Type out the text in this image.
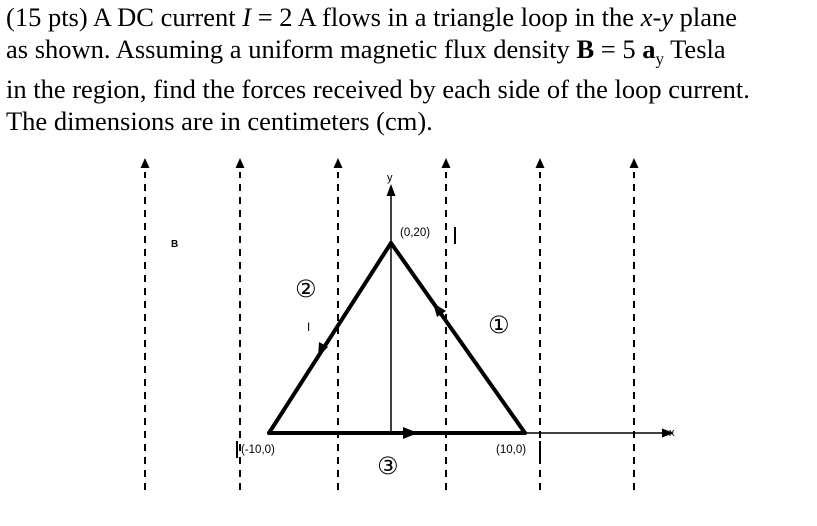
(15 pts) A DC current I = 2 A flows in a triangle loop in the x-y plane

as shown. Assuming a uniform magnetic flux density B = 5 $a_y$ Tesla

in the region, find the forces received by each side of the loop current.

The dimensions are in centimeters (cm).

B
I
y
x
(0,20)
(-10,0)	(10,0)
①
②
③
